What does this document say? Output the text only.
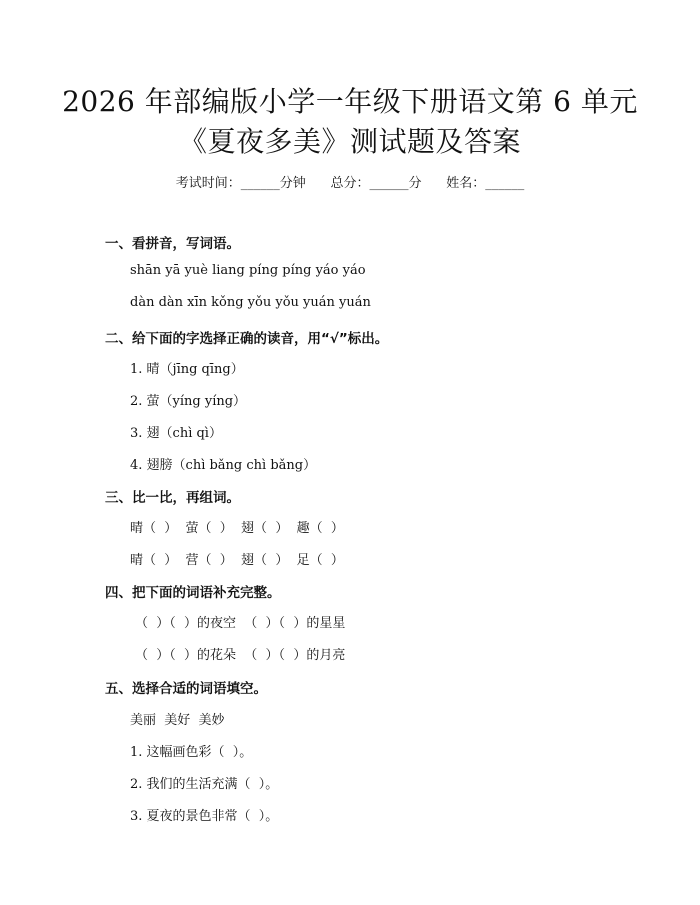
2026 年部编版小学一年级下册语文第 6 单元
《夏夜多美》测试题及答案
考试时间：______分钟      总分：______分      姓名：______
一、看拼音，写词语。
shān yā yuè liang píng píng yáo yáo
dàn dàn xīn kǒng yǒu yǒu yuán yuán
二、给下面的字选择正确的读音，用“√”标出。
1. 晴（jīng qīng）
2. 萤（yíng yíng）
3. 翅（chì qì）
4. 翅膀（chì bǎng chì bǎng）
三、比一比，再组词。
晴（  ）  萤（  ）  翅（  ）  趣（  ）
晴（  ）  营（  ）  翅（  ）  足（  ）
四、把下面的词语补充完整。
（  ）（  ）的夜空  （  ）（  ）的星星
（  ）（  ）的花朵  （  ）（  ）的月亮
五、选择合适的词语填空。
美丽  美好  美妙
1. 这幅画色彩（  ）。
2. 我们的生活充满（  ）。
3. 夏夜的景色非常（  ）。
